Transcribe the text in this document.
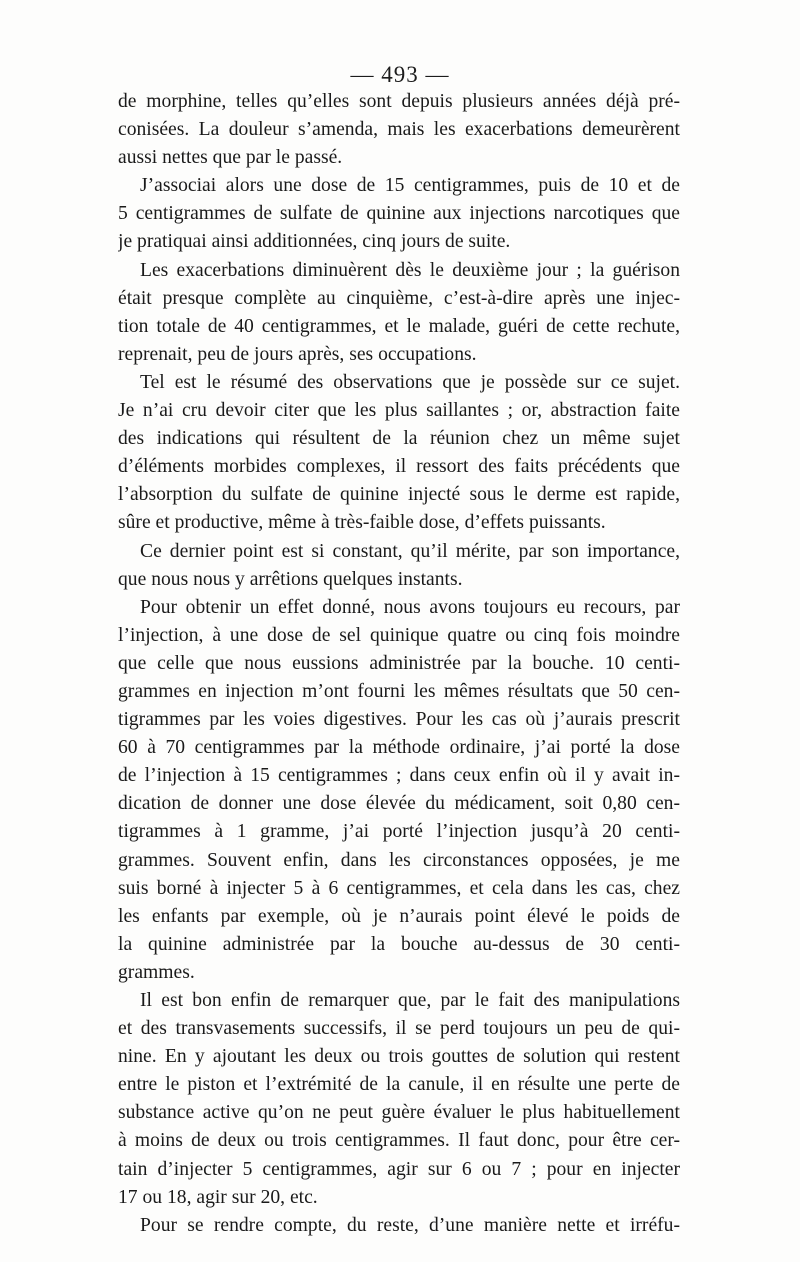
— 493 —
de morphine, telles qu’elles sont depuis plusieurs années déjà pré-
conisées. La douleur s’amenda, mais les exacerbations demeurèrent
aussi nettes que par le passé.
J’associai alors une dose de 15 centigrammes, puis de 10 et de
5 centigrammes de sulfate de quinine aux injections narcotiques que
je pratiquai ainsi additionnées, cinq jours de suite.
Les exacerbations diminuèrent dès le deuxième jour ; la guérison
était presque complète au cinquième, c’est-à-dire après une injec-
tion totale de 40 centigrammes, et le malade, guéri de cette rechute,
reprenait, peu de jours après, ses occupations.
Tel est le résumé des observations que je possède sur ce sujet.
Je n’ai cru devoir citer que les plus saillantes ; or, abstraction faite
des indications qui résultent de la réunion chez un même sujet
d’éléments morbides complexes, il ressort des faits précédents que
l’absorption du sulfate de quinine injecté sous le derme est rapide,
sûre et productive, même à très-faible dose, d’effets puissants.
Ce dernier point est si constant, qu’il mérite, par son importance,
que nous nous y arrêtions quelques instants.
Pour obtenir un effet donné, nous avons toujours eu recours, par
l’injection, à une dose de sel quinique quatre ou cinq fois moindre
que celle que nous eussions administrée par la bouche. 10 centi-
grammes en injection m’ont fourni les mêmes résultats que 50 cen-
tigrammes par les voies digestives. Pour les cas où j’aurais prescrit
60 à 70 centigrammes par la méthode ordinaire, j’ai porté la dose
de l’injection à 15 centigrammes ; dans ceux enfin où il y avait in-
dication de donner une dose élevée du médicament, soit 0,80 cen-
tigrammes à 1 gramme, j’ai porté l’injection jusqu’à 20 centi-
grammes. Souvent enfin, dans les circonstances opposées, je me
suis borné à injecter 5 à 6 centigrammes, et cela dans les cas, chez
les enfants par exemple, où je n’aurais point élevé le poids de
la quinine administrée par la bouche au-dessus de 30 centi-
grammes.
Il est bon enfin de remarquer que, par le fait des manipulations
et des transvasements successifs, il se perd toujours un peu de qui-
nine. En y ajoutant les deux ou trois gouttes de solution qui restent
entre le piston et l’extrémité de la canule, il en résulte une perte de
substance active qu’on ne peut guère évaluer le plus habituellement
à moins de deux ou trois centigrammes. Il faut donc, pour être cer-
tain d’injecter 5 centigrammes, agir sur 6 ou 7 ; pour en injecter
17 ou 18, agir sur 20, etc.
Pour se rendre compte, du reste, d’une manière nette et irréfu-
